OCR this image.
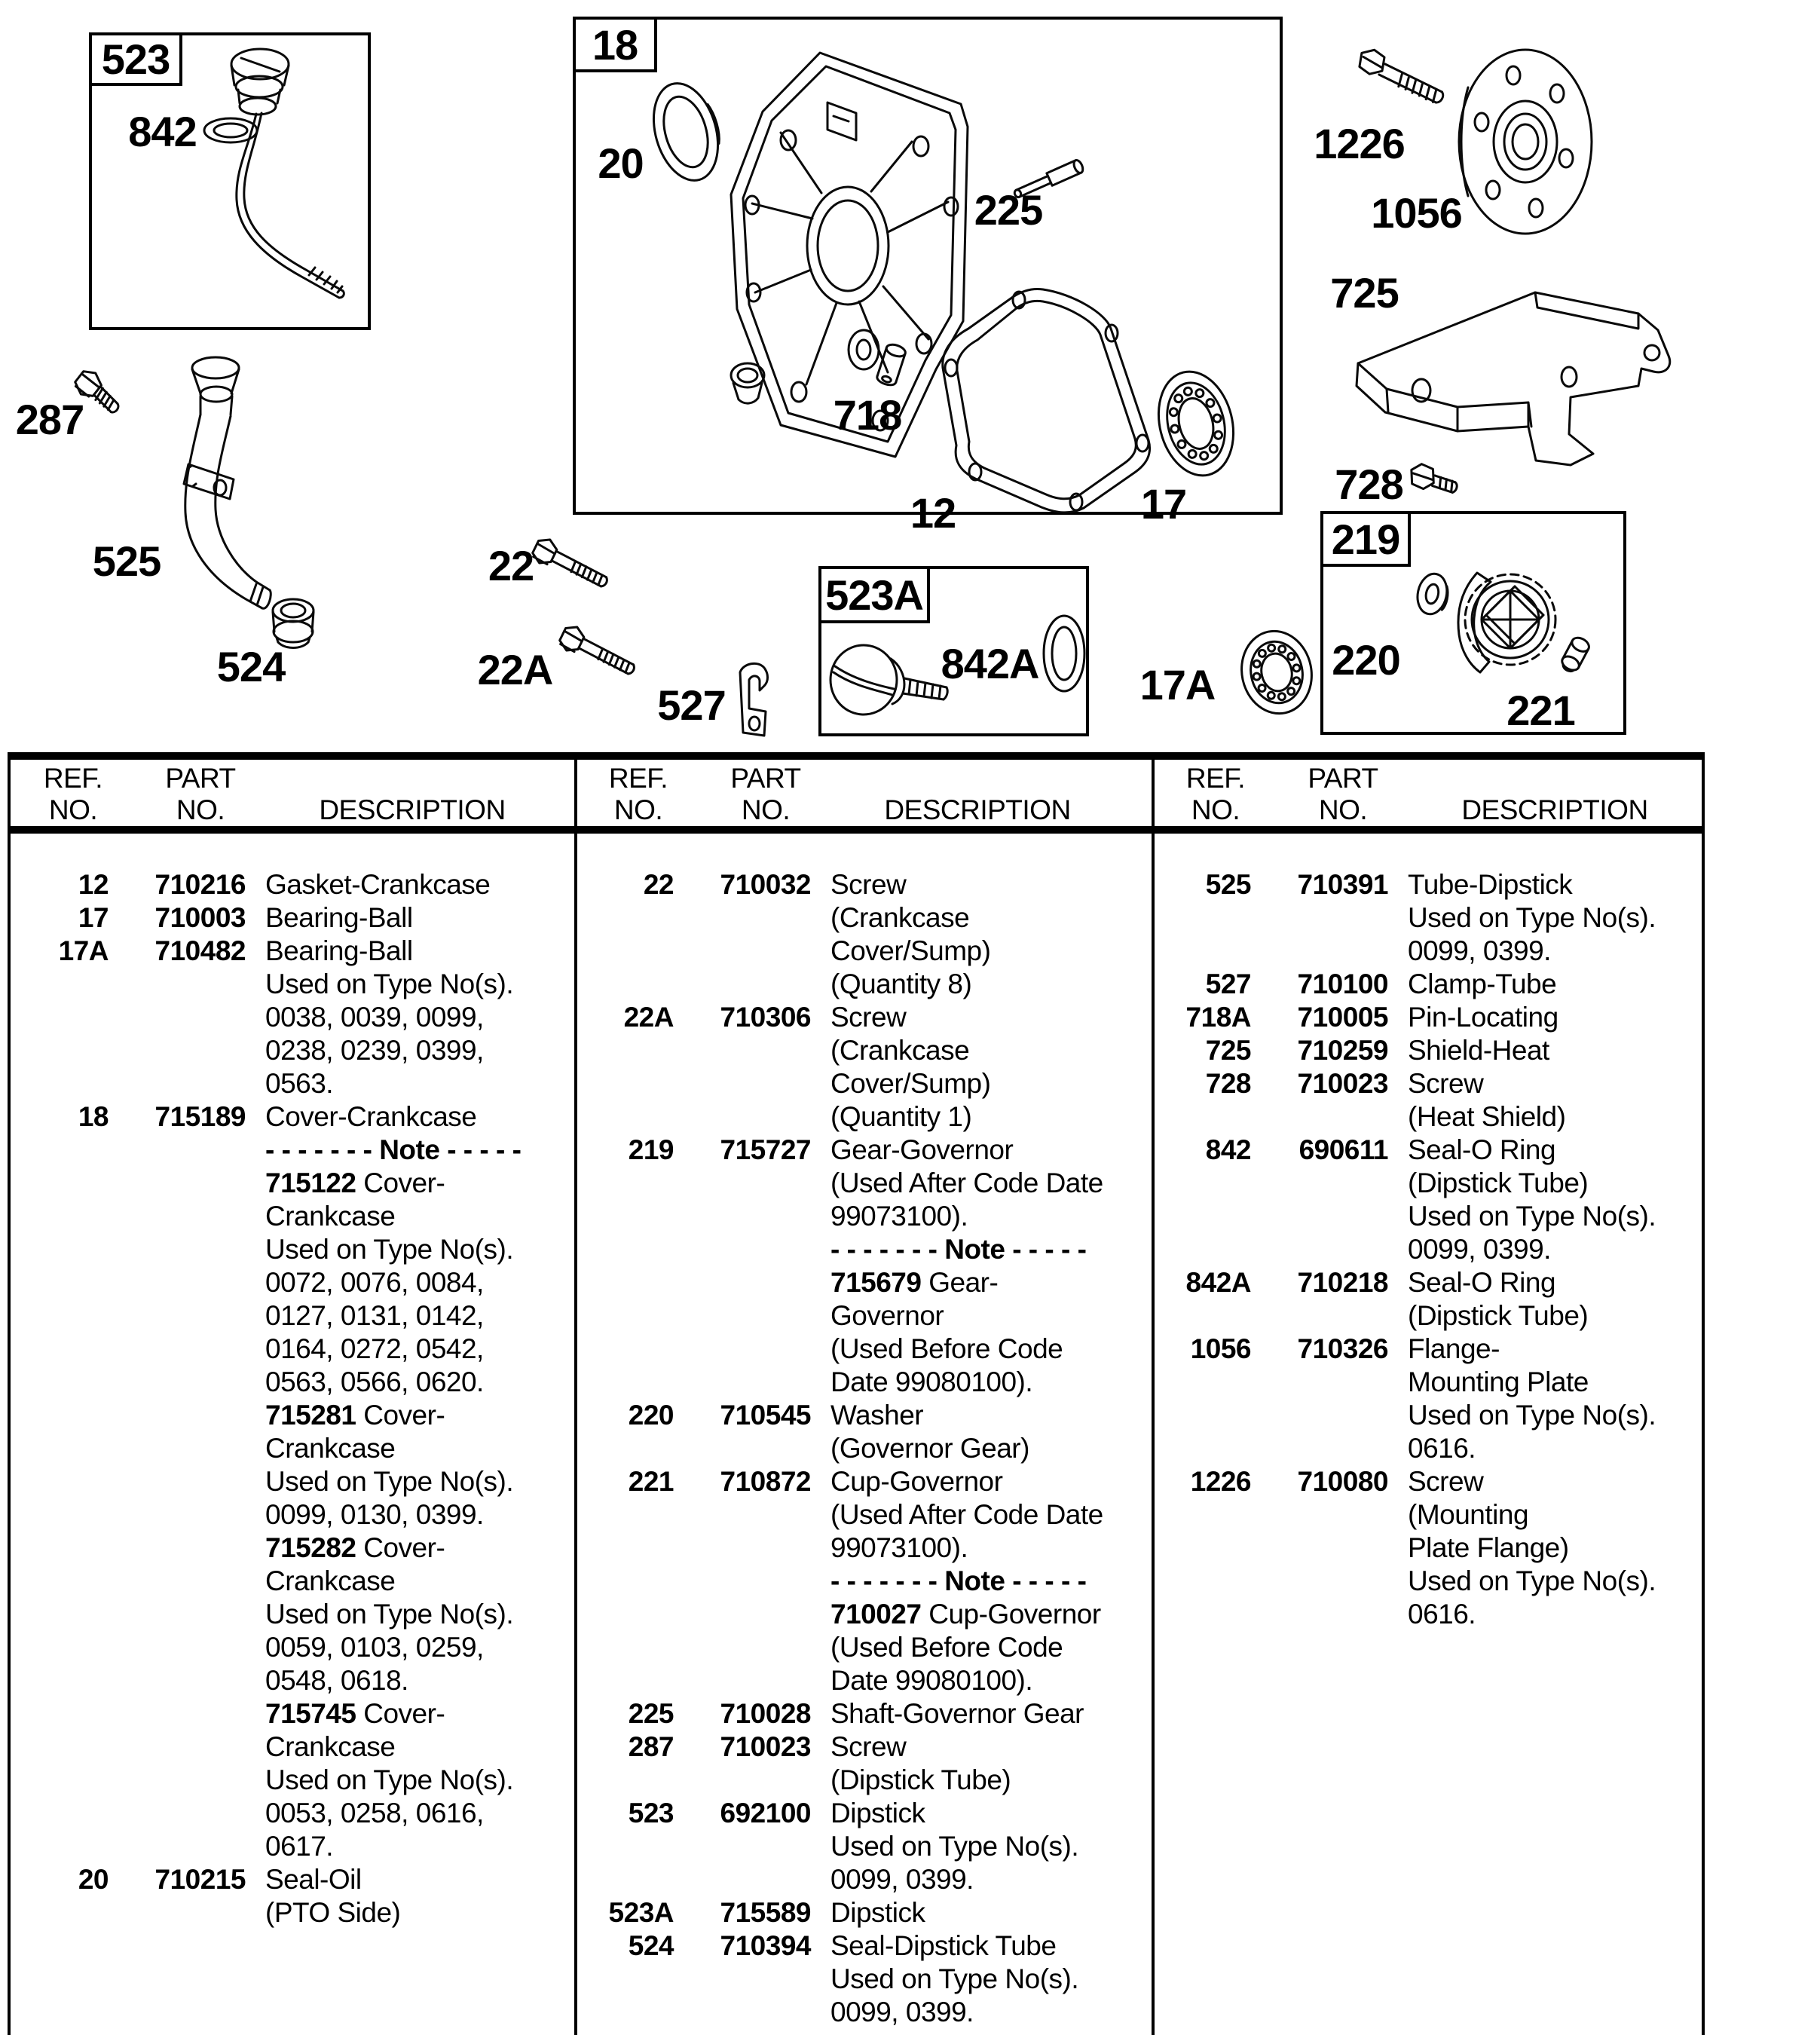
523
842
287
525
524
18
20
225
718
12	17
1226
1056
725
728
22
22A
527
523A
842A 17A
219
220
221
REF.
NO.
PART
NO.	DESCRIPTION
REF.
NO.
PART
NO.	DESCRIPTION
REF.
NO.
PART
NO.	DESCRIPTION
12 710216 Gasket-Crankcase
17 710003 Bearing-Ball
17A 710482 Bearing-Ball
Used on Type No(s).
0038, 0039, 0099,
0238, 0239, 0399,
0563.
18 715189 Cover-Crankcase
- - - - - - - Note - - - - -
715122 Cover-
Crankcase
Used on Type No(s).
0072, 0076, 0084,
0127, 0131, 0142,
0164, 0272, 0542,
0563, 0566, 0620.
715281 Cover-
Crankcase
Used on Type No(s).
0099, 0130, 0399.
715282 Cover-
Crankcase
Used on Type No(s).
0059, 0103, 0259,
0548, 0618.
715745 Cover-
Crankcase
Used on Type No(s).
0053, 0258, 0616,
0617.
20 710215 Seal-Oil
(PTO Side)
22 710032 Screw
(Crankcase
Cover/Sump)
(Quantity 8)
22A 710306 Screw
(Crankcase
Cover/Sump)
(Quantity 1)
219 715727 Gear-Governor
(Used After Code Date
99073100).
- - - - - - - Note - - - - -
715679 Gear-
Governor
(Used Before Code
Date 99080100).
220 710545 Washer
(Governor Gear)
221 710872 Cup-Governor
(Used After Code Date
99073100).
- - - - - - - Note - - - - -
710027 Cup-Governor
(Used Before Code
Date 99080100).
225 710028 Shaft-Governor Gear
287 710023 Screw
(Dipstick Tube)
523 692100 Dipstick
Used on Type No(s).
0099, 0399.
523A 715589 Dipstick
524 710394 Seal-Dipstick Tube
Used on Type No(s).
0099, 0399.
525 710391 Tube-Dipstick
Used on Type No(s).
0099, 0399.
527 710100 Clamp-Tube
718A 710005 Pin-Locating
725 710259 Shield-Heat
728 710023 Screw
(Heat Shield)
842 690611 Seal-O Ring
(Dipstick Tube)
Used on Type No(s).
0099, 0399.
842A 710218 Seal-O Ring
(Dipstick Tube)
1056 710326 Flange-
Mounting Plate
Used on Type No(s).
0616.
1226 710080 Screw
(Mounting
Plate Flange)
Used on Type No(s).
0616.
